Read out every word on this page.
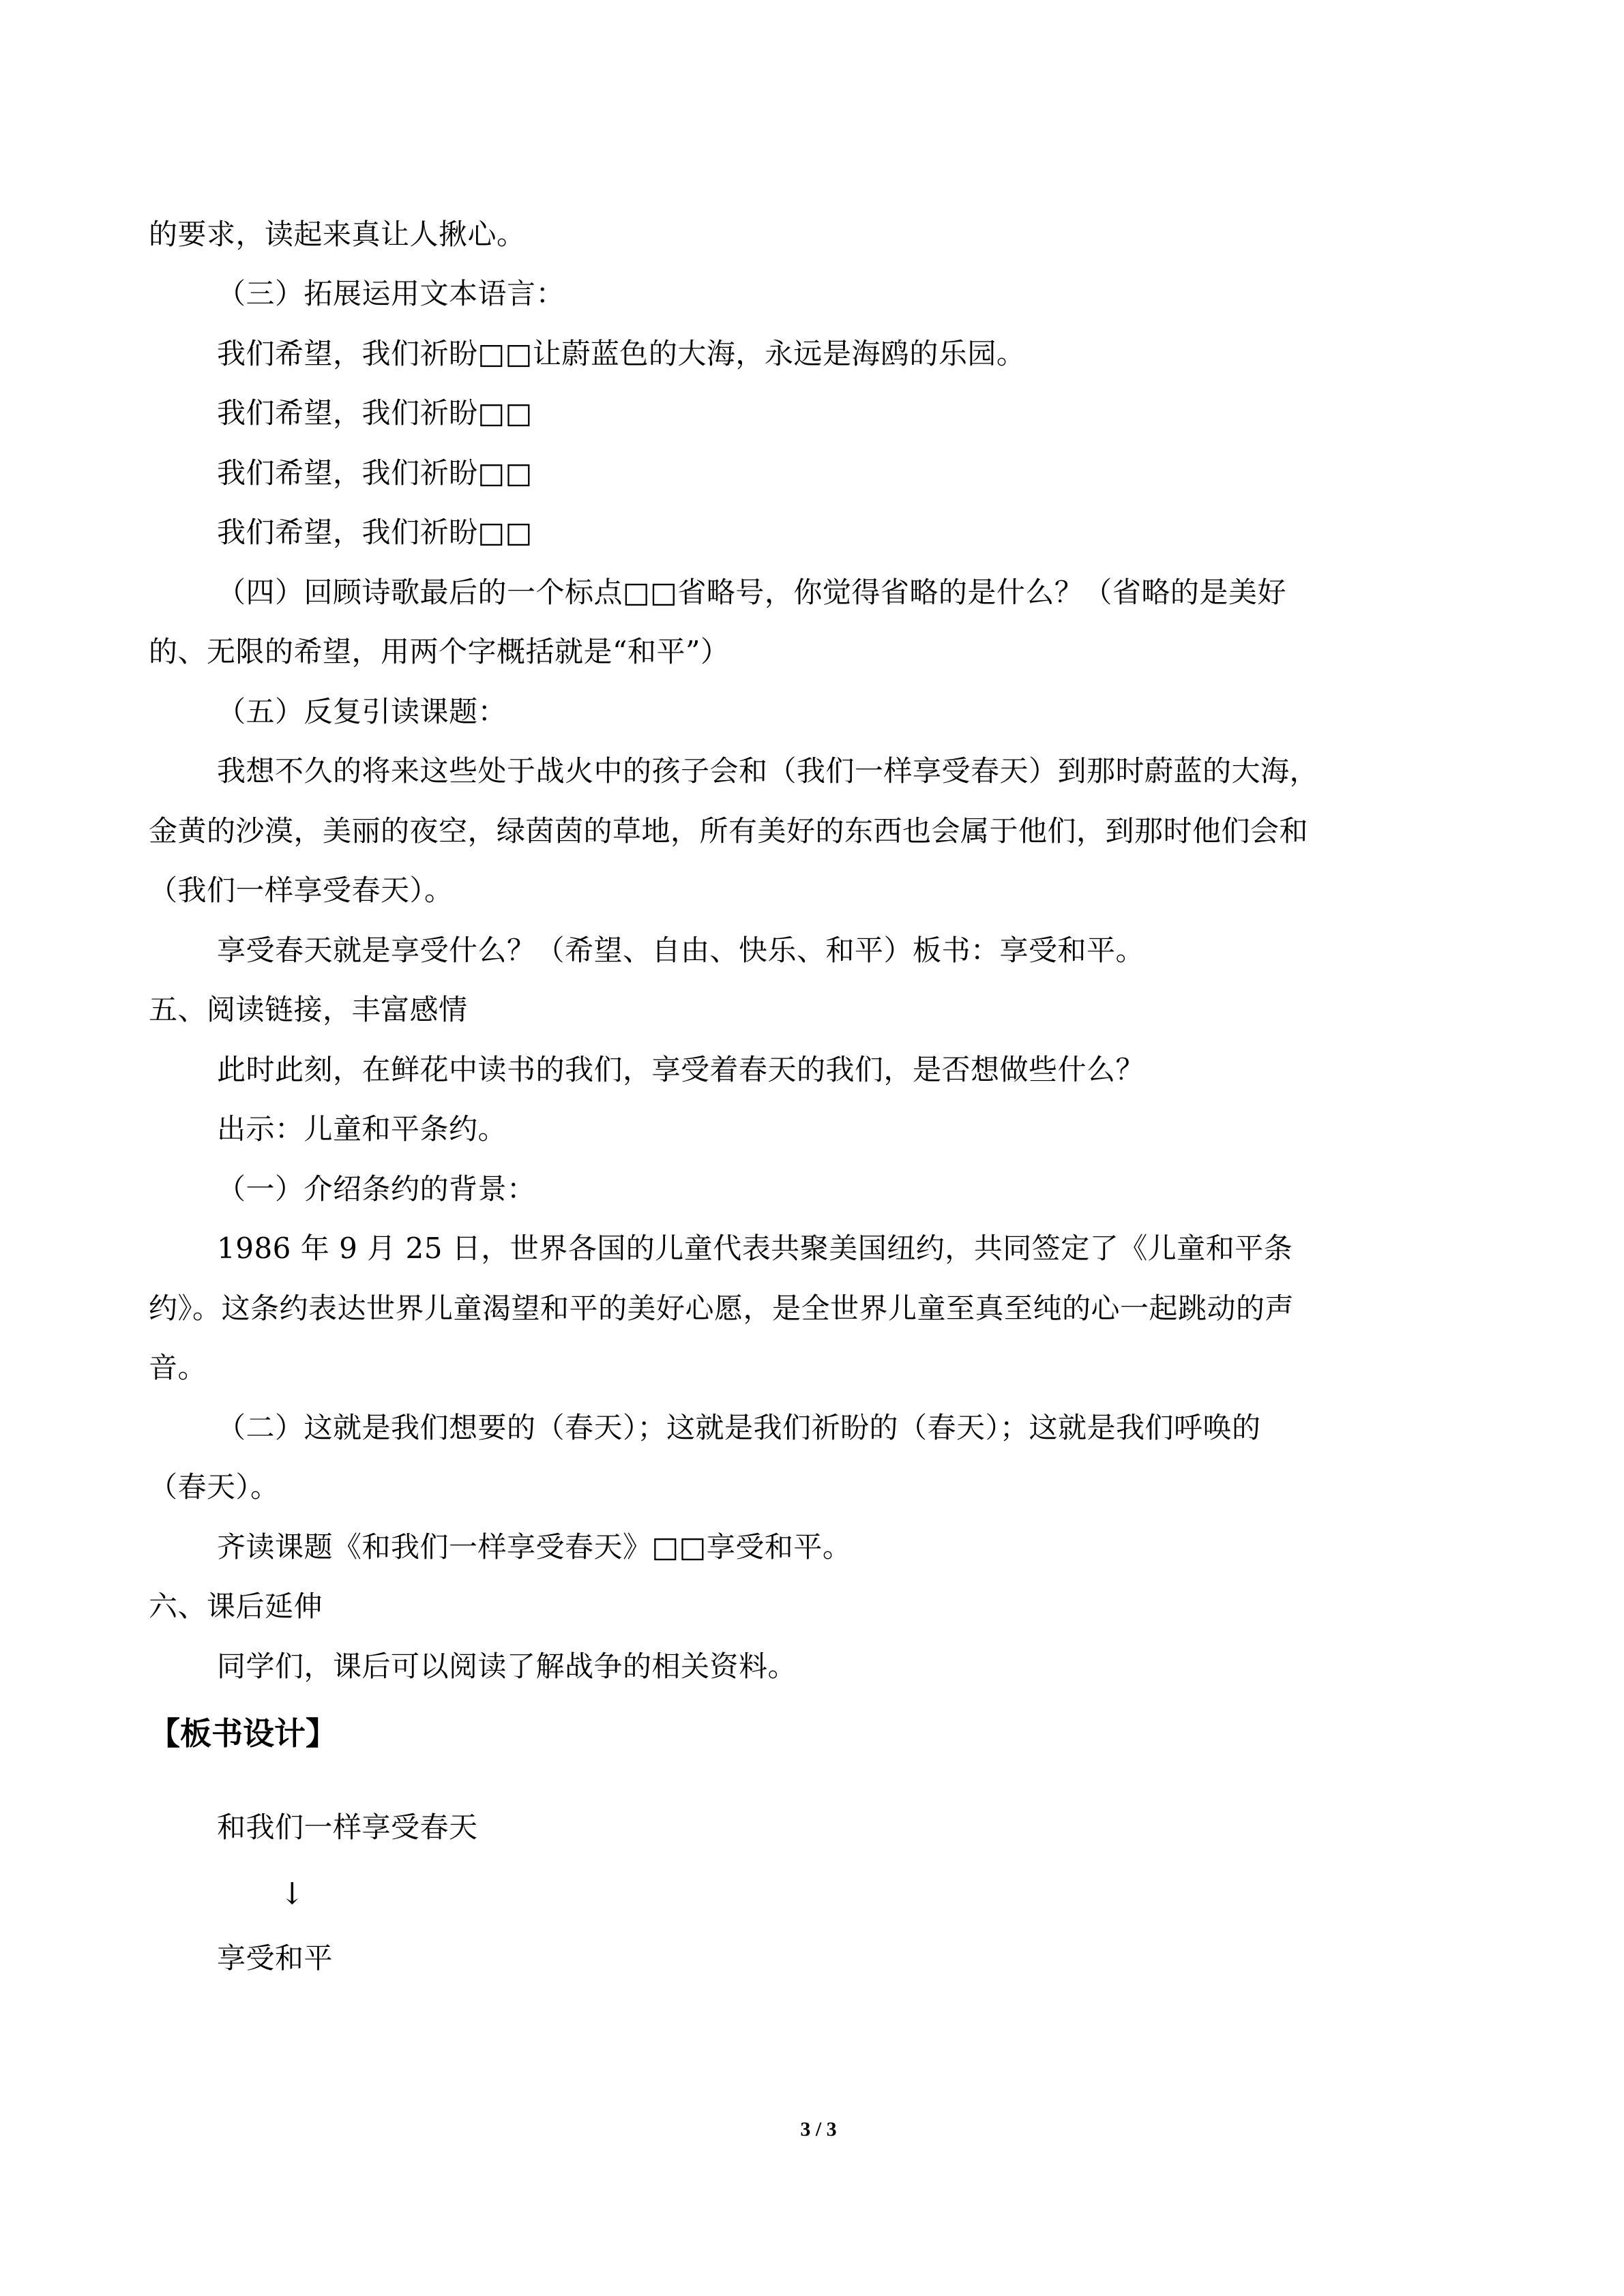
的要求，读起来真让人揪心。
（三）拓展运用文本语言：
我们希望，我们祈盼□□让蔚蓝色的大海，永远是海鸥的乐园。
我们希望，我们祈盼□□
我们希望，我们祈盼□□
我们希望，我们祈盼□□
（四）回顾诗歌最后的一个标点□□省略号，你觉得省略的是什么？（省略的是美好
的、无限的希望，用两个字概括就是“和平”）
（五）反复引读课题：
我想不久的将来这些处于战火中的孩子会和（我们一样享受春天）到那时蔚蓝的大海，
金黄的沙漠，美丽的夜空，绿茵茵的草地，所有美好的东西也会属于他们，到那时他们会和
（我们一样享受春天）。
享受春天就是享受什么？（希望、自由、快乐、和平）板书：享受和平。
五、阅读链接，丰富感情
此时此刻，在鲜花中读书的我们，享受着春天的我们，是否想做些什么？
出示：儿童和平条约。
（一）介绍条约的背景：
1986 年 9 月 25 日，世界各国的儿童代表共聚美国纽约，共同签定了《儿童和平条
约》。这条约表达世界儿童渴望和平的美好心愿，是全世界儿童至真至纯的心一起跳动的声
音。
（二）这就是我们想要的（春天）；这就是我们祈盼的（春天）；这就是我们呼唤的
（春天）。
齐读课题《和我们一样享受春天》□□享受和平。
六、课后延伸
同学们，课后可以阅读了解战争的相关资料。
【板书设计】
和我们一样享受春天
↓
享受和平
3 / 3
